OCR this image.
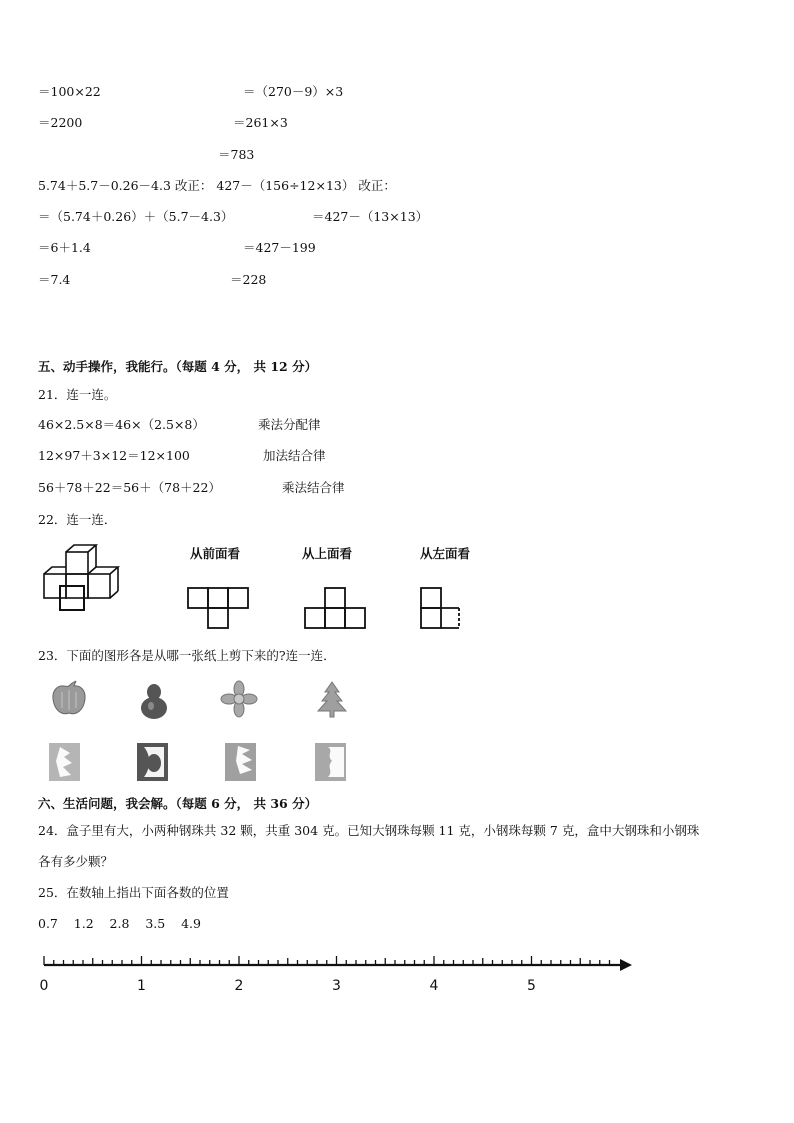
＝100×22	＝（270－9）×3
＝2200	＝261×3
＝783
5.74＋5.7－0.26－4.3 改正： 427－（156÷12×13） 改正：
＝（5.74＋0.26）＋（5.7－4.3）	＝427－（13×13）
＝6＋1.4	＝427－199
＝7.4	＝228
五、动手操作，我能行。（每题 4 分， 共 12 分）
21．连一连。
46×2.5×8＝46×（2.5×8）	乘法分配律
12×97＋3×12＝12×100	加法结合律
56＋78＋22＝56＋（78＋22）	乘法结合律
22．连一连．
从前面看	从上面看	从左面看
23．下面的图形各是从哪一张纸上剪下来的?连一连．
六、生活问题，我会解。（每题 6 分， 共 36 分）
24．盒子里有大，小两种钢珠共 32 颗，共重 304 克。已知大钢珠每颗 11 克，小钢珠每颗 7 克，盒中大钢珠和小钢珠
各有多少颗？
25．在数轴上指出下面各数的位置
0.7    1.2    2.8    3.5    4.9
0	1	2	3	4	5
